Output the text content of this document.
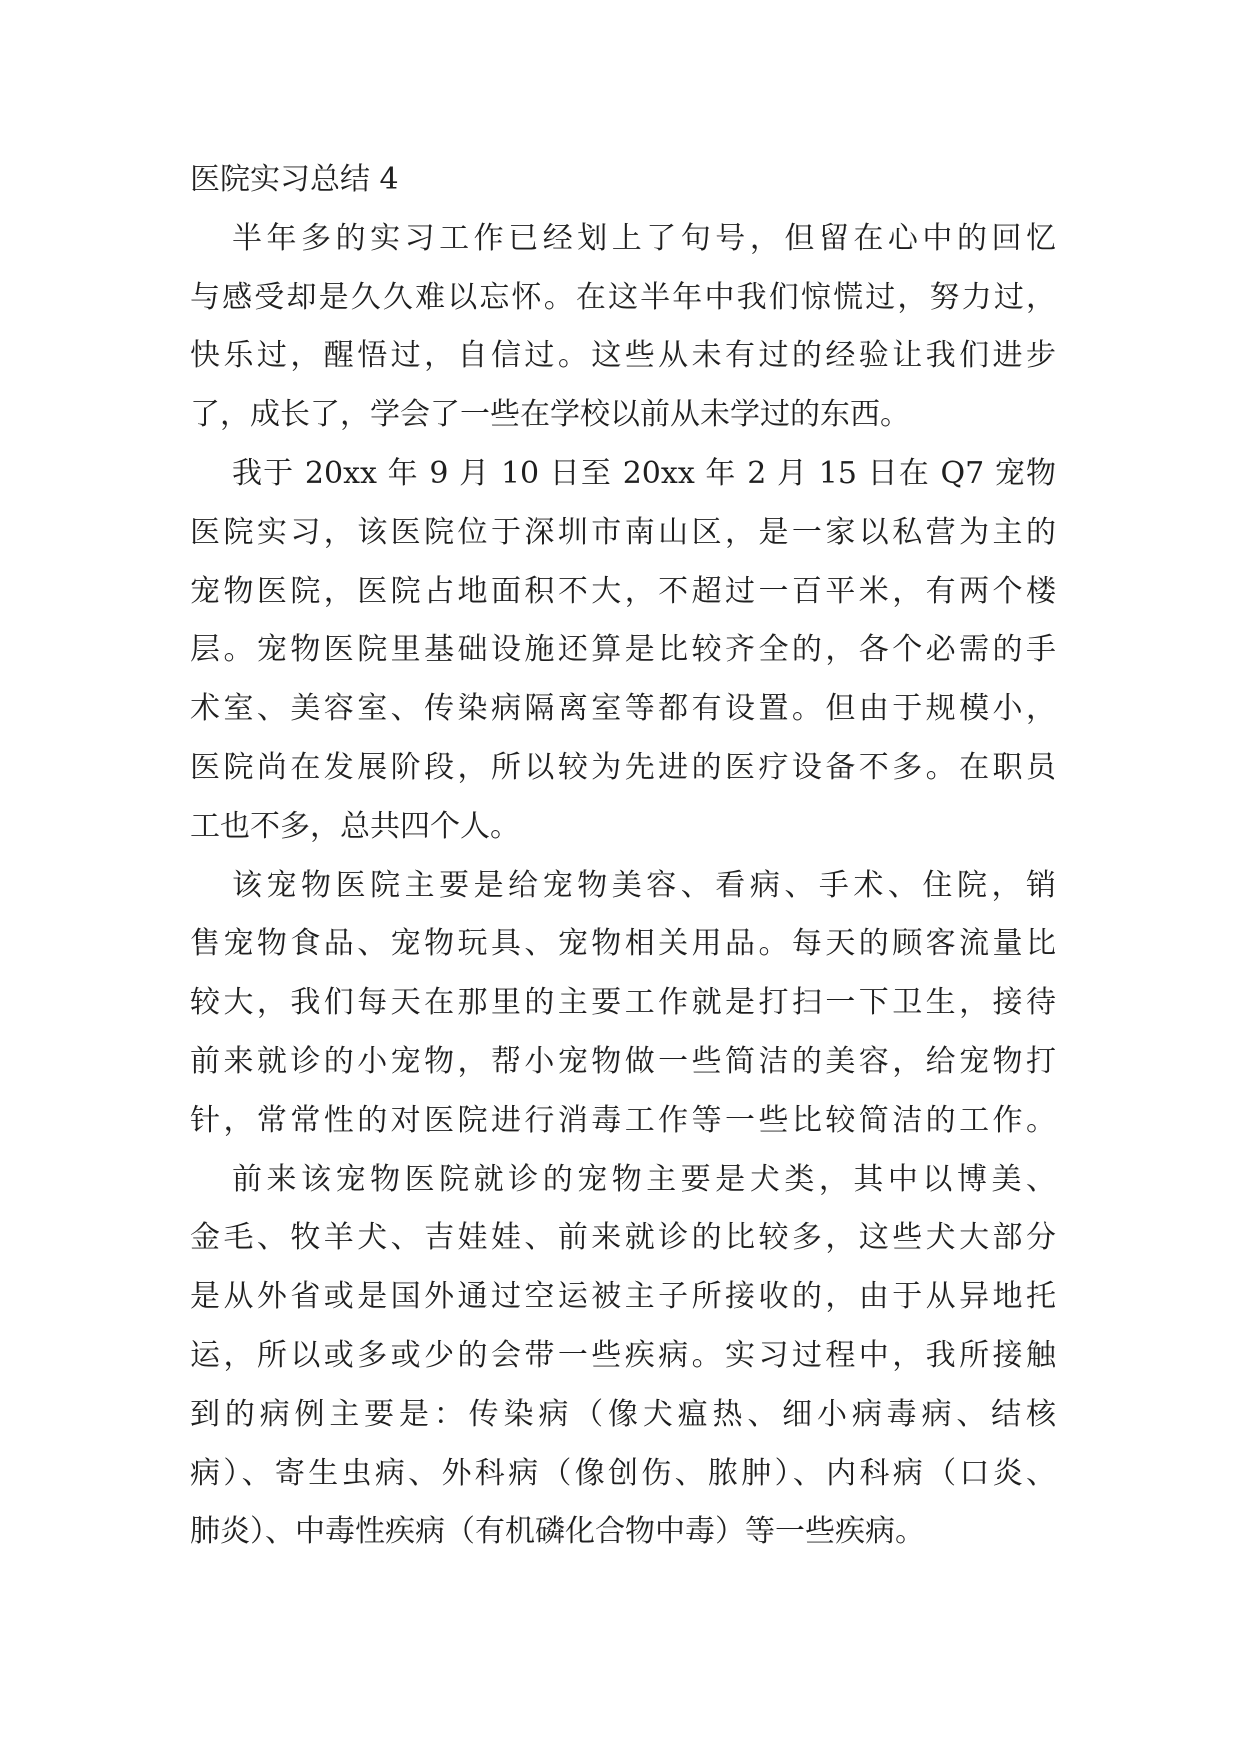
医院实习总结 4
半年多的实习工作已经划上了句号，但留在心中的回忆
与感受却是久久难以忘怀。在这半年中我们惊慌过，努力过，
快乐过，醒悟过，自信过。这些从未有过的经验让我们进步
了，成长了，学会了一些在学校以前从未学过的东西。
我于 20xx 年 9 月 10 日至 20xx 年 2 月 15 日在 Q7 宠物
医院实习，该医院位于深圳市南山区，是一家以私营为主的
宠物医院，医院占地面积不大，不超过一百平米，有两个楼
层。宠物医院里基础设施还算是比较齐全的，各个必需的手
术室、美容室、传染病隔离室等都有设置。但由于规模小，
医院尚在发展阶段，所以较为先进的医疗设备不多。在职员
工也不多，总共四个人。
该宠物医院主要是给宠物美容、看病、手术、住院，销
售宠物食品、宠物玩具、宠物相关用品。每天的顾客流量比
较大，我们每天在那里的主要工作就是打扫一下卫生，接待
前来就诊的小宠物，帮小宠物做一些简洁的美容，给宠物打
针，常常性的对医院进行消毒工作等一些比较简洁的工作。
前来该宠物医院就诊的宠物主要是犬类，其中以博美、
金毛、牧羊犬、吉娃娃、前来就诊的比较多，这些犬大部分
是从外省或是国外通过空运被主子所接收的，由于从异地托
运，所以或多或少的会带一些疾病。实习过程中，我所接触
到的病例主要是：传染病（像犬瘟热、细小病毒病、结核
病）、寄生虫病、外科病（像创伤、脓肿）、内科病（口炎、
肺炎）、中毒性疾病（有机磷化合物中毒）等一些疾病。
